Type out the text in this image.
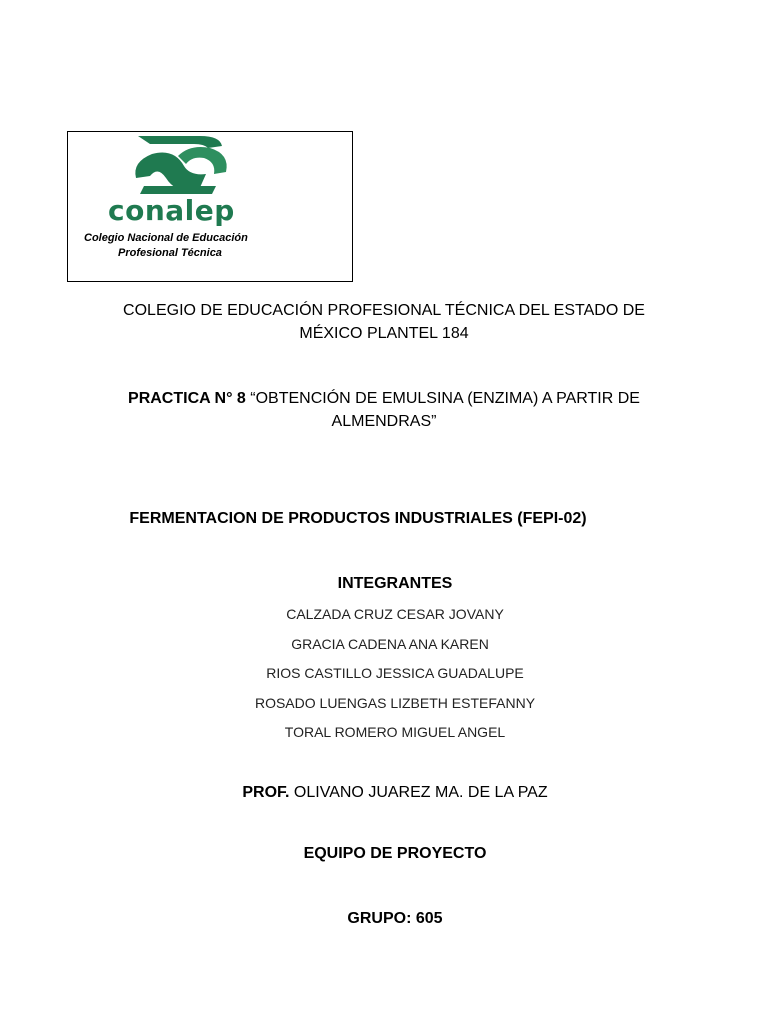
conalep
Colegio Nacional de Educación
Profesional Técnica
COLEGIO DE EDUCACIÓN PROFESIONAL TÉCNICA DEL ESTADO DE
MÉXICO PLANTEL 184
PRACTICA N° 8 “OBTENCIÓN DE EMULSINA (ENZIMA) A PARTIR DE
ALMENDRAS”
FERMENTACION DE PRODUCTOS INDUSTRIALES (FEPI-02)
INTEGRANTES
CALZADA CRUZ CESAR JOVANY
GRACIA CADENA ANA KAREN
RIOS CASTILLO JESSICA GUADALUPE
ROSADO LUENGAS LIZBETH ESTEFANNY
TORAL ROMERO MIGUEL ANGEL
PROF. OLIVANO JUAREZ MA. DE LA PAZ
EQUIPO DE PROYECTO
GRUPO: 605
